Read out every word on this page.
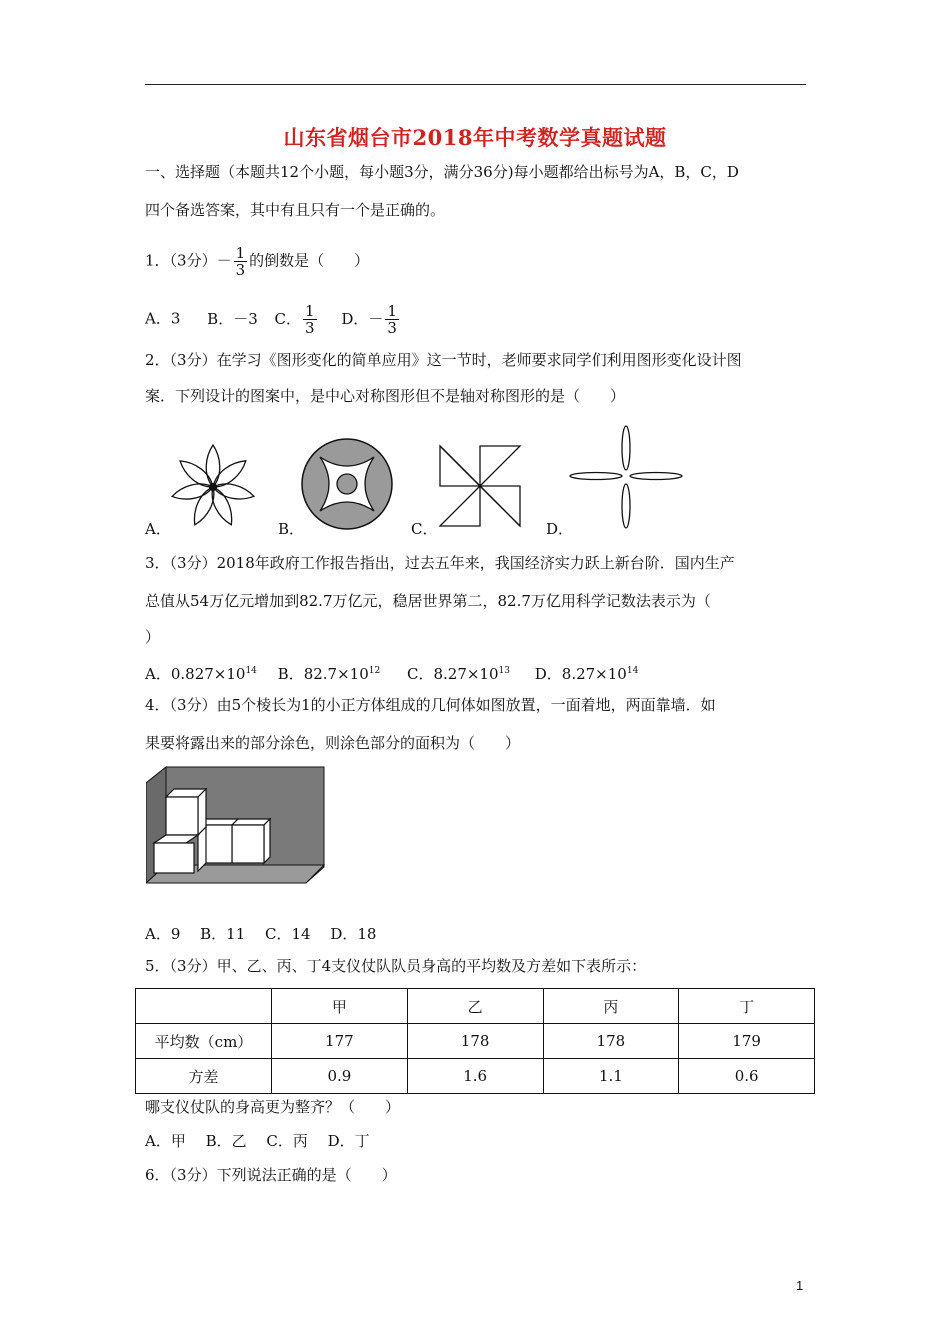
山东省烟台市2018年中考数学真题试题
一、选择题（本题共12个小题，每小题3分，满分36分)每小题都给出标号为A，B，C，D
四个备选答案，其中有且只有一个是正确的。
1．（3分）－ $\frac{1}{3}$ 的倒数是（　　）
A．3 B．－3 C． $\frac{1}{3}$ D．－ $\frac{1}{3}$
2．（3分）在学习《图形变化的简单应用》这一节时，老师要求同学们利用图形变化设计图
案．下列设计的图案中，是中心对称图形但不是轴对称图形的是（　　）
A．	B．	C．	D．
3．（3分）2018年政府工作报告指出，过去五年来，我国经济实力跃上新台阶．国内生产
总值从54万亿元增加到82.7万亿元，稳居世界第二，82.7万亿用科学记数法表示为（
）
A．$0.827\times 10^{14}$ B．$82.7\times 10^{12}$ C．$8.27\times 10^{13}$ D．$8.27\times 10^{14}$
4．（3分）由5个棱长为1的小正方体组成的几何体如图放置，一面着地，两面靠墙．如
果要将露出来的部分涂色，则涂色部分的面积为（　　）
A．9　 B．11　 C．14　 D．18
5．（3分）甲、乙、丙、丁4支仪仗队队员身高的平均数及方差如下表所示：
	甲	乙	丙	丁
平均数（cm）	177	178	178	179
方差	0.9	1.6	1.1	0.6
哪支仪仗队的身高更为整齐？（　　）
A．甲　 B．乙　 C．丙　 D．丁
6．（3分）下列说法正确的是（　　）
1
